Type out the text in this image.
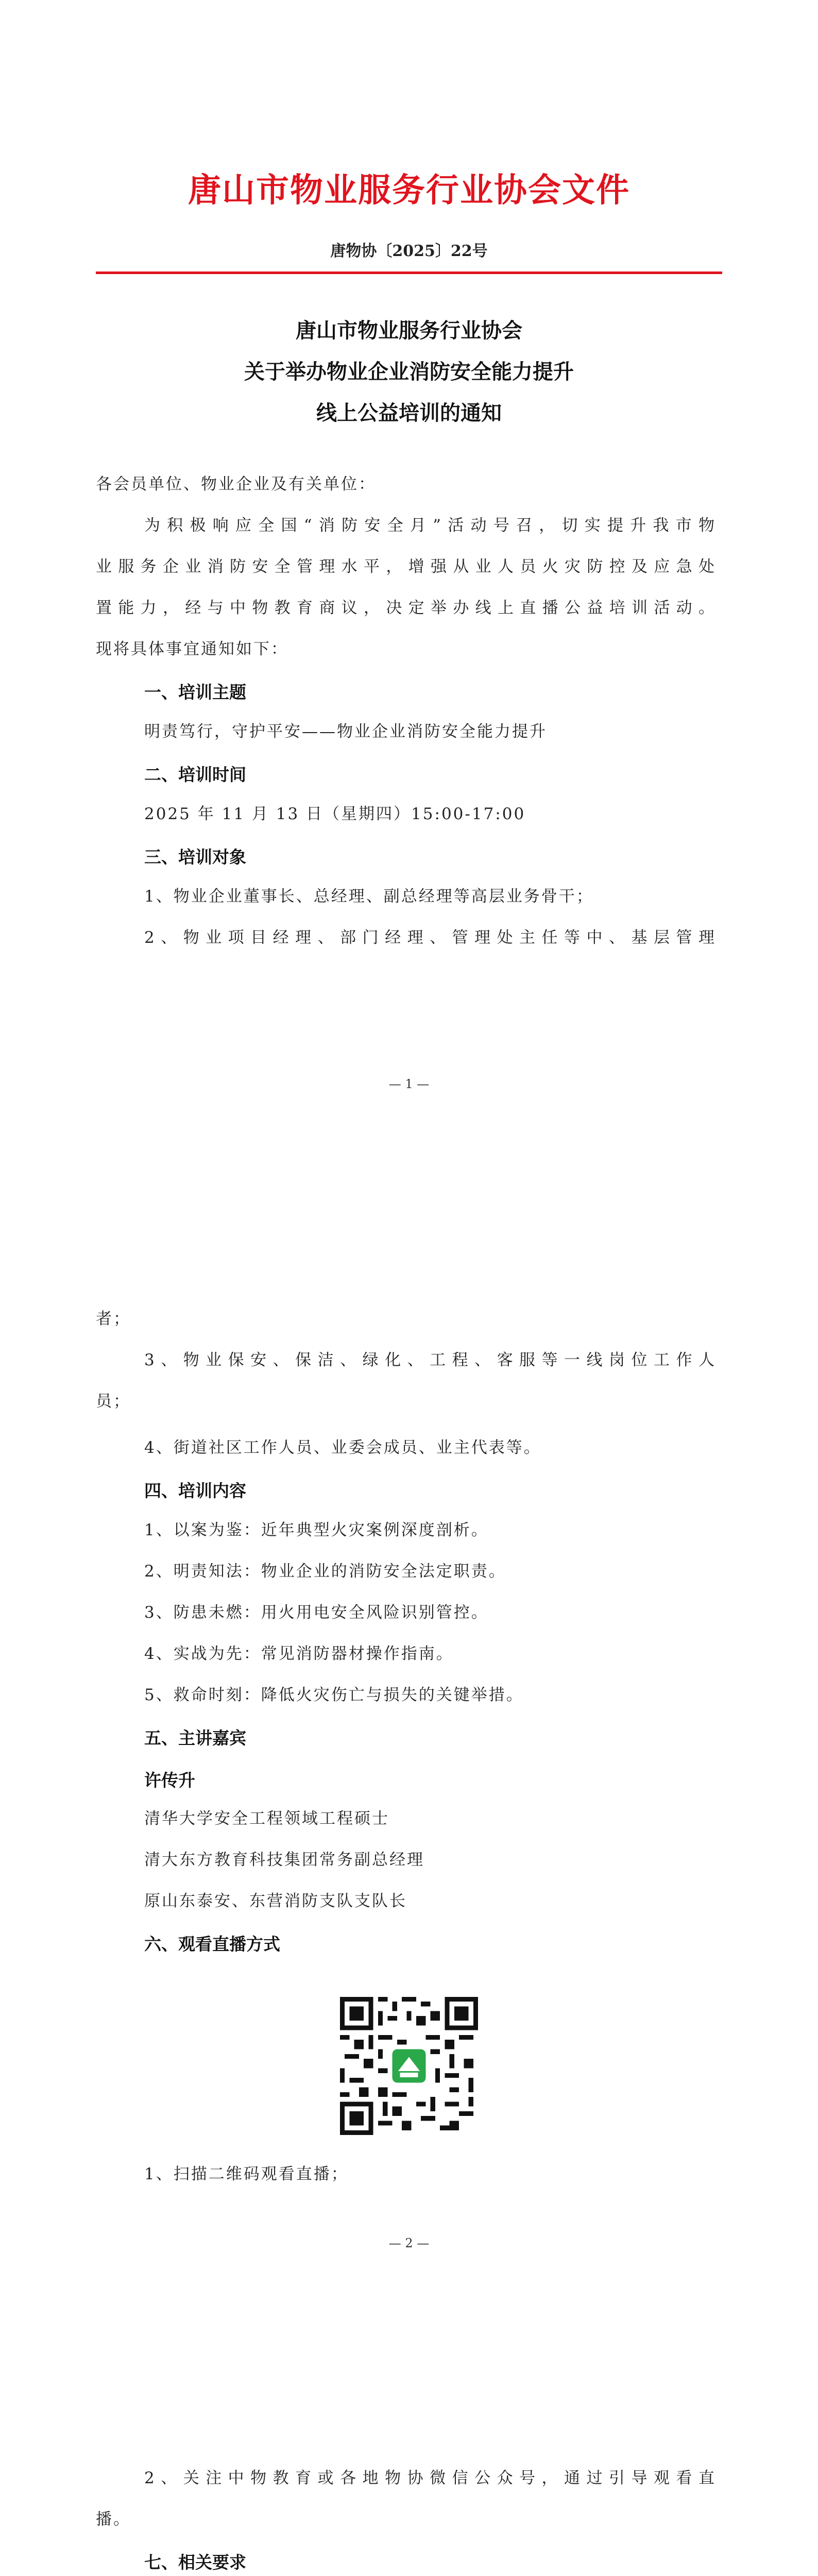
唐山市物业服务行业协会文件
唐物协〔2025〕22号
唐山市物业服务行业协会
关于举办物业企业消防安全能力提升
线上公益培训的通知
各会员单位、物业企业及有关单位：
为积极响应全国“消防安全月”活动号召，切实提升我市物
业服务企业消防安全管理水平，增强从业人员火灾防控及应急处
置能力，经与中物教育商议，决定举办线上直播公益培训活动。
现将具体事宜通知如下：
一、培训主题
明责笃行，守护平安——物业企业消防安全能力提升
二、培训时间
2025 年 11 月 13 日（星期四）15:00-17:00
三、培训对象
1、物业企业董事长、总经理、副总经理等高层业务骨干；
2、物业项目经理、部门经理、管理处主任等中、基层管理
— 1 —
者；
3、物业保安、保洁、绿化、工程、客服等一线岗位工作人
员；
4、街道社区工作人员、业委会成员、业主代表等。
四、培训内容
1、以案为鉴：近年典型火灾案例深度剖析。
2、明责知法：物业企业的消防安全法定职责。
3、防患未燃：用火用电安全风险识别管控。
4、实战为先：常见消防器材操作指南。
5、救命时刻：降低火灾伤亡与损失的关键举措。
五、主讲嘉宾
许传升
清华大学安全工程领域工程硕士
清大东方教育科技集团常务副总经理
原山东泰安、东营消防支队支队长
六、观看直播方式
1、扫描二维码观看直播；
— 2 —
2、关注中物教育或各地物协微信公众号，通过引导观看直
播。
七、相关要求
